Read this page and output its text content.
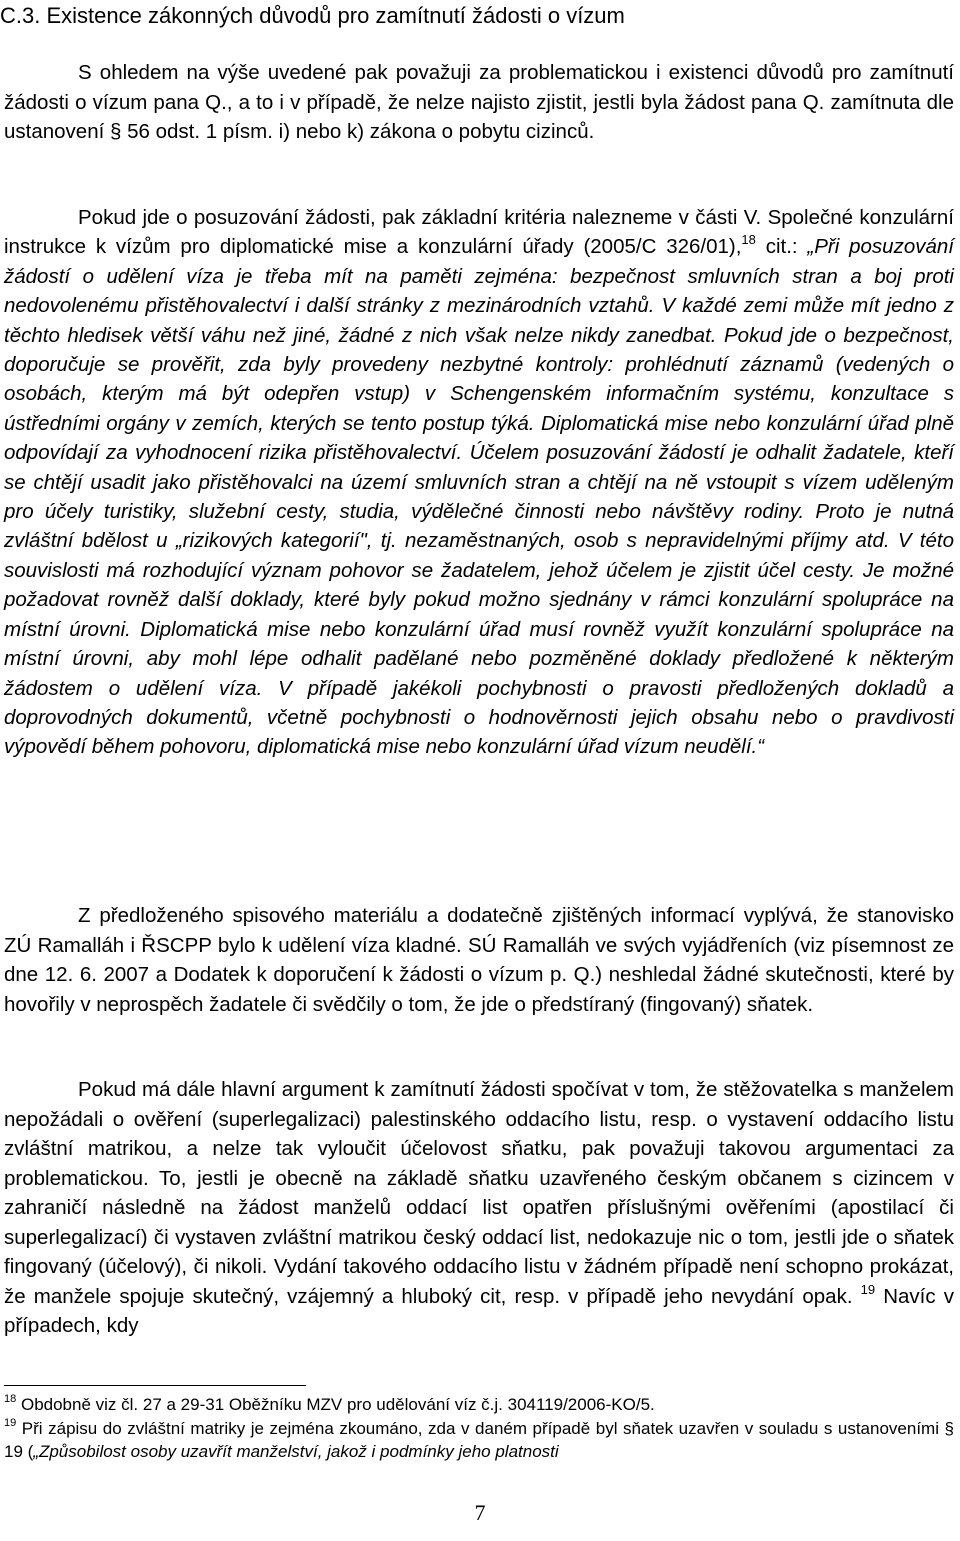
C.3. Existence zákonných důvodů pro zamítnutí žádosti o vízum

S ohledem na výše uvedené pak považuji za problematickou i existenci důvodů pro zamítnutí žádosti o vízum pana Q., a to i v případě, že nelze najisto zjistit, jestli byla žádost pana Q. zamítnuta dle ustanovení § 56 odst. 1 písm. i) nebo k) zákona o pobytu cizinců.

Pokud jde o posuzování žádosti, pak základní kritéria nalezneme v části V. Společné konzulární instrukce k vízům pro diplomatické mise a konzulární úřady (2005/C 326/01),$^{18}$ cit.: „Při posuzování žádostí o udělení víza je třeba mít na paměti zejména: bezpečnost smluvních stran a boj proti nedovolenému přistěhovalectví i další stránky z mezinárodních vztahů. V každé zemi může mít jedno z těchto hledisek větší váhu než jiné, žádné z nich však nelze nikdy zanedbat. Pokud jde o bezpečnost, doporučuje se prověřit, zda byly provedeny nezbytné kontroly: prohlédnutí záznamů (vedených o osobách, kterým má být odepřen vstup) v Schengenském informačním systému, konzultace s ústředními orgány v zemích, kterých se tento postup týká. Diplomatická mise nebo konzulární úřad plně odpovídají za vyhodnocení rizika přistěhovalectví. Účelem posuzování žádostí je odhalit žadatele, kteří se chtějí usadit jako přistěhovalci na území smluvních stran a chtějí na ně vstoupit s vízem uděleným pro účely turistiky, služební cesty, studia, výdělečné činnosti nebo návštěvy rodiny. Proto je nutná zvláštní bdělost u „rizikových kategorií", tj. nezaměstnaných, osob s nepravidelnými příjmy atd. V této souvislosti má rozhodující význam pohovor se žadatelem, jehož účelem je zjistit účel cesty. Je možné požadovat rovněž další doklady, které byly pokud možno sjednány v rámci konzulární spolupráce na místní úrovni. Diplomatická mise nebo konzulární úřad musí rovněž využít konzulární spolupráce na místní úrovni, aby mohl lépe odhalit padělané nebo pozměněné doklady předložené k některým žádostem o udělení víza. V případě jakékoli pochybnosti o pravosti předložených dokladů a doprovodných dokumentů, včetně pochybnosti o hodnověrnosti jejich obsahu nebo o pravdivosti výpovědí během pohovoru, diplomatická mise nebo konzulární úřad vízum neudělí.“

Z předloženého spisového materiálu a dodatečně zjištěných informací vyplývá, že stanovisko ZÚ Ramalláh i ŘSCPP bylo k udělení víza kladné. SÚ Ramalláh ve svých vyjádřeních (viz písemnost ze dne 12. 6. 2007 a Dodatek k doporučení k žádosti o vízum p. Q.) neshledal žádné skutečnosti, které by hovořily v neprospěch žadatele či svědčily o tom, že jde o předstíraný (fingovaný) sňatek.

Pokud má dále hlavní argument k zamítnutí žádosti spočívat v tom, že stěžovatelka s manželem nepožádali o ověření (superlegalizaci) palestinského oddacího listu, resp. o vystavení oddacího listu zvláštní matrikou, a nelze tak vyloučit účelovost sňatku, pak považuji takovou argumentaci za problematickou. To, jestli je obecně na základě sňatku uzavřeného českým občanem s cizincem v zahraničí následně na žádost manželů oddací list opatřen příslušnými ověřeními (apostilací či superlegalizací) či vystaven zvláštní matrikou český oddací list, nedokazuje nic o tom, jestli jde o sňatek fingovaný (účelový), či nikoli. Vydání takového oddacího listu v žádném případě není schopno prokázat, že manžele spojuje skutečný, vzájemný a hluboký cit, resp. v případě jeho nevydání opak. $^{19}$ Navíc v případech, kdy

$^{18}$ Obdobně viz čl. 27 a 29-31 Oběžníku MZV pro udělování víz č.j. 304119/2006-KO/5.

$^{19}$ Při zápisu do zvláštní matriky je zejména zkoumáno, zda v daném případě byl sňatek uzavřen v souladu s ustanoveními § 19 („Způsobilost osoby uzavřít manželství, jakož i podmínky jeho platnosti

7
